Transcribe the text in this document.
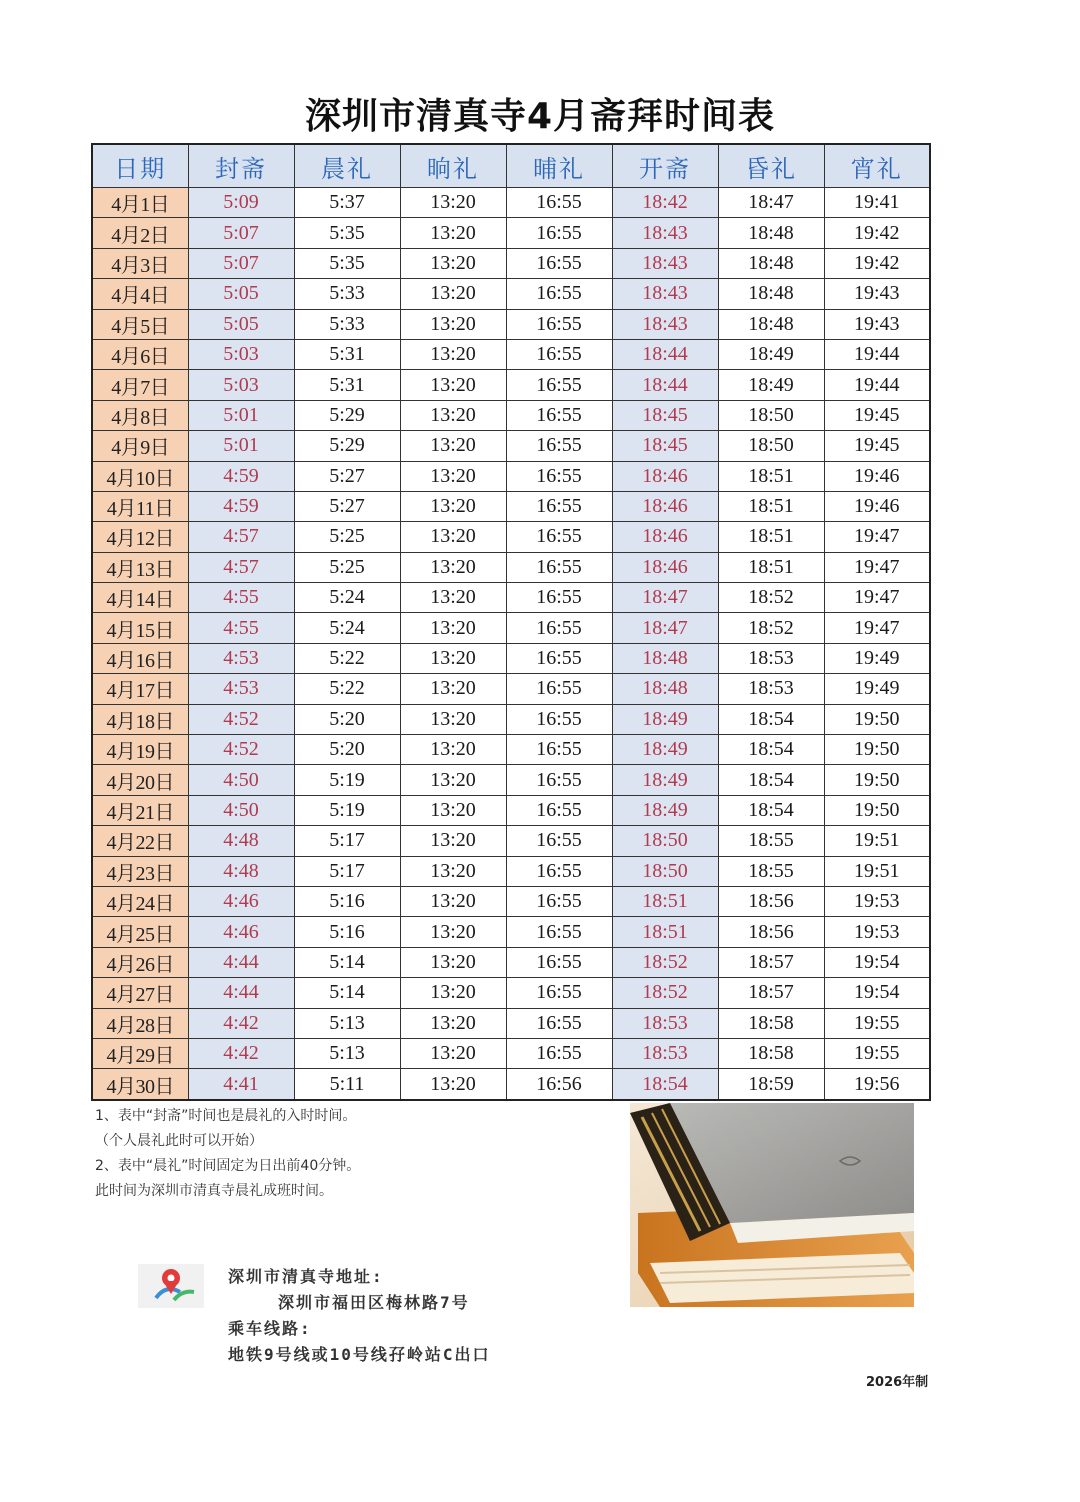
深圳市清真寺4月斋拜时间表
日期	封斋	晨礼	晌礼	晡礼	开斋	昏礼	宵礼
4月1日	5:09	5:37	13:20	16:55	18:42	18:47	19:41
4月2日	5:07	5:35	13:20	16:55	18:43	18:48	19:42
4月3日	5:07	5:35	13:20	16:55	18:43	18:48	19:42
4月4日	5:05	5:33	13:20	16:55	18:43	18:48	19:43
4月5日	5:05	5:33	13:20	16:55	18:43	18:48	19:43
4月6日	5:03	5:31	13:20	16:55	18:44	18:49	19:44
4月7日	5:03	5:31	13:20	16:55	18:44	18:49	19:44
4月8日	5:01	5:29	13:20	16:55	18:45	18:50	19:45
4月9日	5:01	5:29	13:20	16:55	18:45	18:50	19:45
4月10日	4:59	5:27	13:20	16:55	18:46	18:51	19:46
4月11日	4:59	5:27	13:20	16:55	18:46	18:51	19:46
4月12日	4:57	5:25	13:20	16:55	18:46	18:51	19:47
4月13日	4:57	5:25	13:20	16:55	18:46	18:51	19:47
4月14日	4:55	5:24	13:20	16:55	18:47	18:52	19:47
4月15日	4:55	5:24	13:20	16:55	18:47	18:52	19:47
4月16日	4:53	5:22	13:20	16:55	18:48	18:53	19:49
4月17日	4:53	5:22	13:20	16:55	18:48	18:53	19:49
4月18日	4:52	5:20	13:20	16:55	18:49	18:54	19:50
4月19日	4:52	5:20	13:20	16:55	18:49	18:54	19:50
4月20日	4:50	5:19	13:20	16:55	18:49	18:54	19:50
4月21日	4:50	5:19	13:20	16:55	18:49	18:54	19:50
4月22日	4:48	5:17	13:20	16:55	18:50	18:55	19:51
4月23日	4:48	5:17	13:20	16:55	18:50	18:55	19:51
4月24日	4:46	5:16	13:20	16:55	18:51	18:56	19:53
4月25日	4:46	5:16	13:20	16:55	18:51	18:56	19:53
4月26日	4:44	5:14	13:20	16:55	18:52	18:57	19:54
4月27日	4:44	5:14	13:20	16:55	18:52	18:57	19:54
4月28日	4:42	5:13	13:20	16:55	18:53	18:58	19:55
4月29日	4:42	5:13	13:20	16:55	18:53	18:58	19:55
4月30日	4:41	5:11	13:20	16:56	18:54	18:59	19:56
1、表中“封斋”时间也是晨礼的入时时间。
（个人晨礼此时可以开始）
2、表中“晨礼”时间固定为日出前40分钟。
此时间为深圳市清真寺晨礼成班时间。
深圳市清真寺地址:
深圳市福田区梅林路7号
乘车线路:
地铁9号线或10号线孖岭站C出口
2026年制
